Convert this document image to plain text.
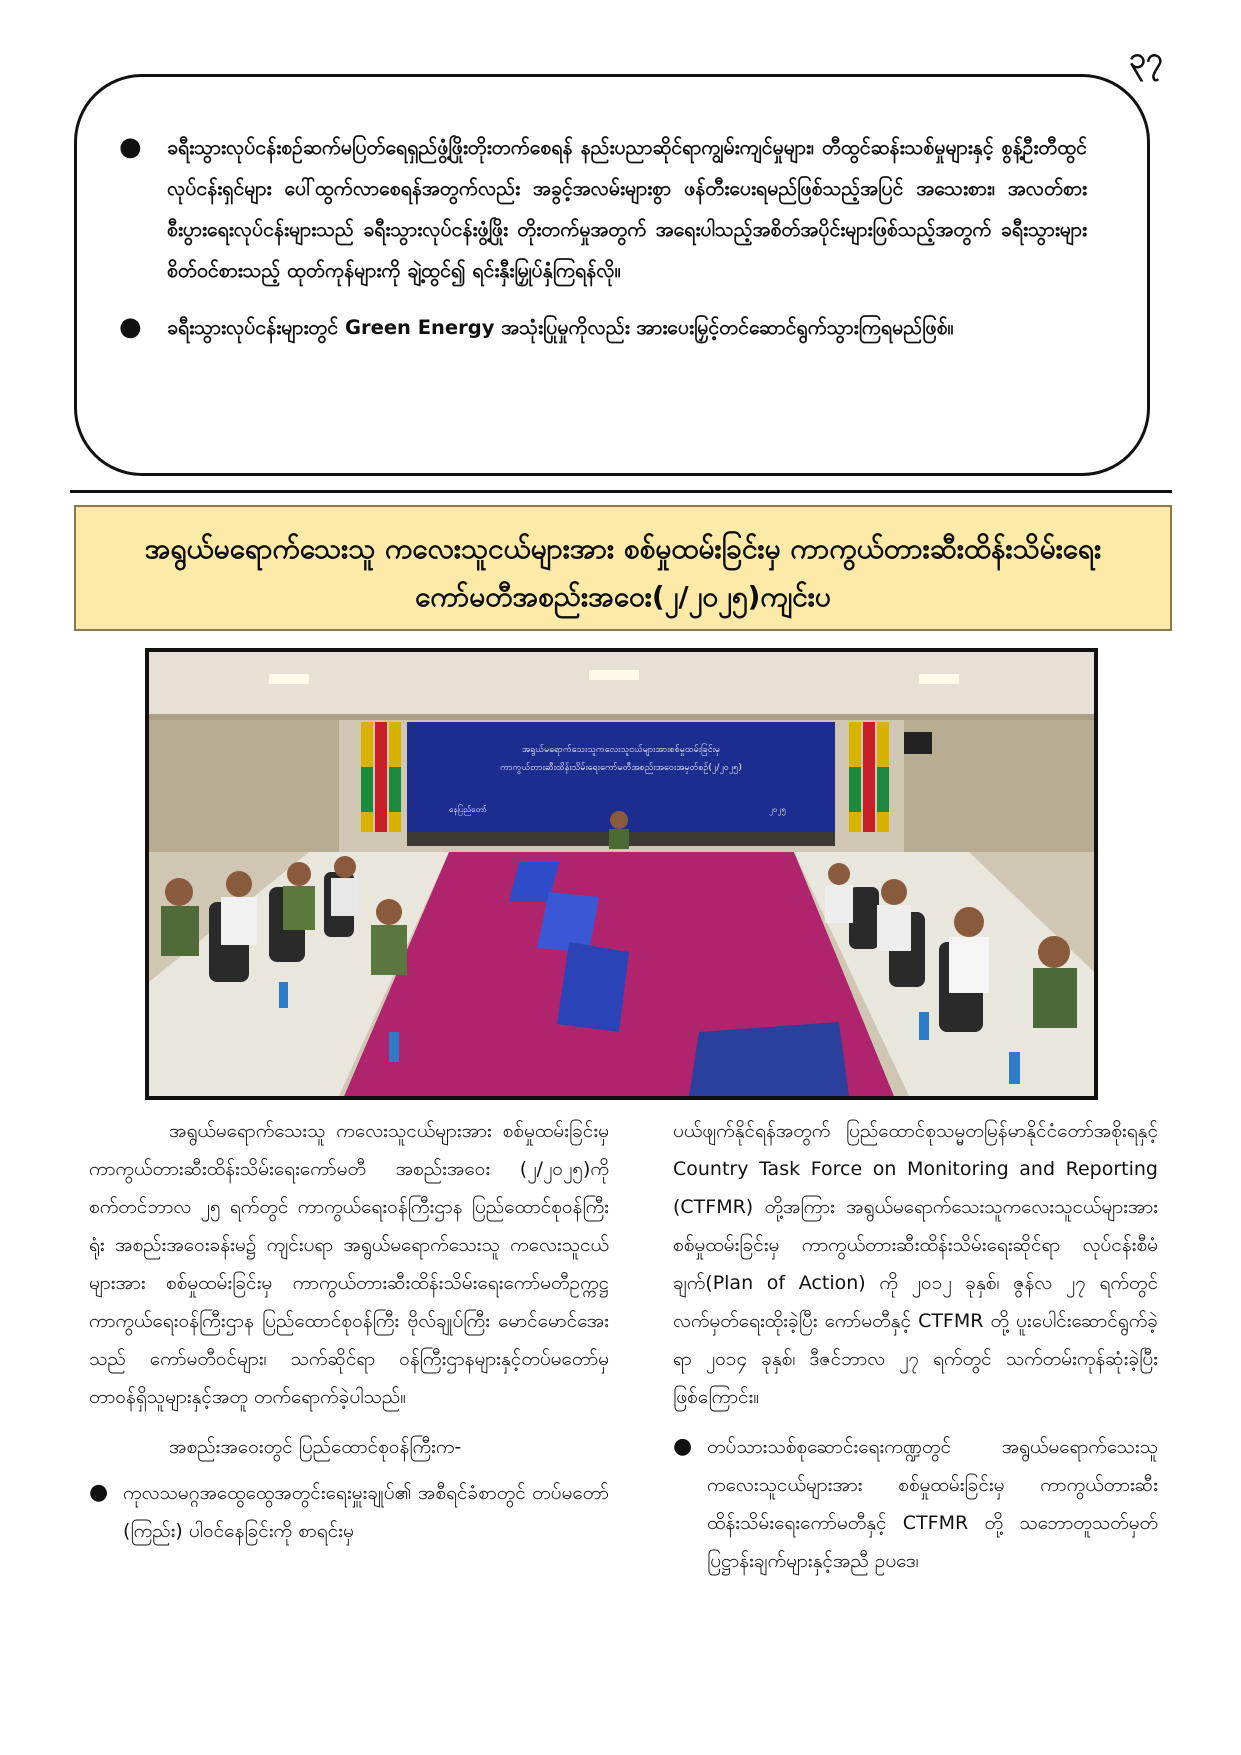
၃၇
● ခရီးသွားလုပ်ငန်းစဉ်ဆက်မပြတ်ရေရှည်ဖွံ့ဖြိုးတိုးတက်စေရန် နည်းပညာဆိုင်ရာကျွမ်းကျင်မှုများ၊ တီထွင်ဆန်းသစ်မှုများနှင့် စွန့်ဦးတီထွင်လုပ်ငန်းရှင်များ ပေါ်ထွက်လာစေရန်အတွက်လည်း အခွင့်အလမ်းများစွာ ဖန်တီးပေးရမည်ဖြစ်သည့်အပြင် အသေးစား၊ အလတ်စား စီးပွားရေးလုပ်ငန်းများသည် ခရီးသွားလုပ်ငန်းဖွံ့ဖြိုး တိုးတက်မှုအတွက် အရေးပါသည့်အစိတ်အပိုင်းများဖြစ်သည့်အတွက် ခရီးသွားများစိတ်ဝင်စားသည့် ထုတ်ကုန်များကို ချဲ့ထွင်၍ ရင်းနှီးမြှုပ်နှံကြရန်လို။
● ခရီးသွားလုပ်ငန်းများတွင် Green Energy အသုံးပြုမှုကိုလည်း အားပေးမြှင့်တင်ဆောင်ရွက်သွားကြရမည်ဖြစ်။
အရွယ်မရောက်သေးသူ ကလေးသူငယ်များအား စစ်မှုထမ်းခြင်းမှ ကာကွယ်တားဆီးထိန်းသိမ်းရေး
ကော်မတီအစည်းအဝေး(၂/၂၀၂၅)ကျင်းပ
အရွယ်မရောက်သေးသူကလေးသူငယ်များအားစစ်မှုထမ်းခြင်းမှ
ကာကွယ်တားဆီးထိန်းသိမ်းရေးကော်မတီအစည်းအဝေးအမှတ်စဉ်(၂/၂၀၂၅)
နေပြည်တော်	၂၀၂၅

အရွယ်မရောက်သေးသူ ကလေးသူငယ်များအား စစ်မှုထမ်းခြင်းမှ ကာကွယ်တားဆီးထိန်းသိမ်းရေးကော်မတီ အစည်းအဝေး (၂/၂၀၂၅)ကို စက်တင်ဘာလ ၂၅ ရက်တွင် ကာကွယ်ရေးဝန်ကြီးဌာန ပြည်ထောင်စုဝန်ကြီးရုံး အစည်းအဝေးခန်းမ၌ ကျင်းပရာ အရွယ်မရောက်သေးသူ ကလေးသူငယ်များအား စစ်မှုထမ်းခြင်းမှ ကာကွယ်တားဆီးထိန်းသိမ်းရေးကော်မတီဥက္ကဋ္ဌ ကာကွယ်ရေးဝန်ကြီးဌာန ပြည်ထောင်စုဝန်ကြီး ဗိုလ်ချုပ်ကြီး မောင်မောင်အေးသည် ကော်မတီဝင်များ၊ သက်ဆိုင်ရာ ဝန်ကြီးဌာနများနှင့်တပ်မတော်မှ တာဝန်ရှိသူများနှင့်အတူ တက်ရောက်ခဲ့ပါသည်။

အစည်းအဝေးတွင် ပြည်ထောင်စုဝန်ကြီးက-

● ကုလသမဂ္ဂအထွေထွေအတွင်းရေးမှူးချုပ်၏ အစီရင်ခံစာတွင် တပ်မတော် (ကြည်း) ပါဝင်နေခြင်းကို စာရင်းမှ

ပယ်ဖျက်နိုင်ရန်အတွက် ပြည်ထောင်စုသမ္မတမြန်မာနိုင်ငံတော်အစိုးရနှင့် Country Task Force on Monitoring and Reporting (CTFMR) တို့အကြား အရွယ်မရောက်သေးသူကလေးသူငယ်များအား စစ်မှုထမ်းခြင်းမှ ကာကွယ်တားဆီးထိန်းသိမ်းရေးဆိုင်ရာ လုပ်ငန်းစီမံချက်(Plan of Action) ကို ၂၀၁၂ ခုနှစ်၊ ဇွန်လ ၂၇ ရက်တွင် လက်မှတ်ရေးထိုးခဲ့ပြီး ကော်မတီနှင့် CTFMR တို့ ပူးပေါင်းဆောင်ရွက်ခဲ့ရာ ၂၀၁၄ ခုနှစ်၊ ဒီဇင်ဘာလ ၂၇ ရက်တွင် သက်တမ်းကုန်ဆုံးခဲ့ပြီးဖြစ်ကြောင်း။

● တပ်သားသစ်စုဆောင်းရေးကဏ္ဍတွင် အရွယ်မရောက်သေးသူ ကလေးသူငယ်များအား စစ်မှုထမ်းခြင်းမှ ကာကွယ်တားဆီးထိန်းသိမ်းရေးကော်မတီနှင့် CTFMR တို့ သဘောတူသတ်မှတ်ပြဋ္ဌာန်းချက်များနှင့်အညီ ဥပဒေ၊
